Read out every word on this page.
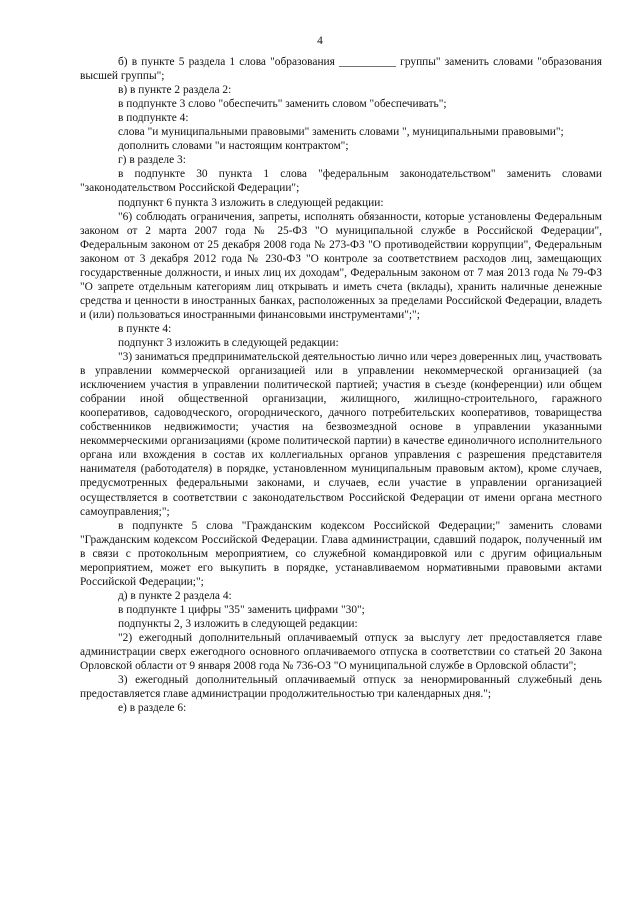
4

б) в пункте 5 раздела 1 слова "образования __________ группы" заменить словами "образования высшей группы";

в) в пункте 2 раздела 2:

в подпункте 3 слово "обеспечить" заменить словом "обеспечивать";

в подпункте 4:

слова "и муниципальными правовыми" заменить словами ", муниципальными правовыми";

дополнить словами "и настоящим контрактом";

г) в разделе 3:

в подпункте 30 пункта 1 слова "федеральным законодательством" заменить словами "законодательством Российской Федерации";

подпункт 6 пункта 3 изложить в следующей редакции:

"6) соблюдать ограничения, запреты, исполнять обязанности, которые установлены Федеральным законом от 2 марта 2007 года № 25-ФЗ "О муниципальной службе в Российской Федерации", Федеральным законом от 25 декабря 2008 года № 273-ФЗ "О противодействии коррупции", Федеральным законом от 3 декабря 2012 года № 230-ФЗ "О контроле за соответствием расходов лиц, замещающих государственные должности, и иных лиц их доходам", Федеральным законом от 7 мая 2013 года № 79-ФЗ "О запрете отдельным категориям лиц открывать и иметь счета (вклады), хранить наличные денежные средства и ценности в иностранных банках, расположенных за пределами Российской Федерации, владеть и (или) пользоваться иностранными финансовыми инструментами";";

в пункте 4:

подпункт 3 изложить в следующей редакции:

"3) заниматься предпринимательской деятельностью лично или через доверенных лиц, участвовать в управлении коммерческой организацией или в управлении некоммерческой организацией (за исключением участия в управлении политической партией; участия в съезде (конференции) или общем собрании иной общественной организации, жилищного, жилищно-строительного, гаражного кооперативов, садоводческого, огороднического, дачного потребительских кооперативов, товарищества собственников недвижимости; участия на безвозмездной основе в управлении указанными некоммерческими организациями (кроме политической партии) в качестве единоличного исполнительного органа или вхождения в состав их коллегиальных органов управления с разрешения представителя нанимателя (работодателя) в порядке, установленном муниципальным правовым актом), кроме случаев, предусмотренных федеральными законами, и случаев, если участие в управлении организацией осуществляется в соответствии с законодательством Российской Федерации от имени органа местного самоуправления;";

в подпункте 5 слова "Гражданским кодексом Российской Федерации;" заменить словами "Гражданским кодексом Российской Федерации. Глава администрации, сдавший подарок, полученный им в связи с протокольным мероприятием, со служебной командировкой или с другим официальным мероприятием, может его выкупить в порядке, устанавливаемом нормативными правовыми актами Российской Федерации;";

д) в пункте 2 раздела 4:

в подпункте 1 цифры "35" заменить цифрами "30";

подпункты 2, 3 изложить в следующей редакции:

"2) ежегодный дополнительный оплачиваемый отпуск за выслугу лет предоставляется главе администрации сверх ежегодного основного оплачиваемого отпуска в соответствии со статьей 20 Закона Орловской области от 9 января 2008 года № 736-ОЗ "О муниципальной службе в Орловской области";

3) ежегодный дополнительный оплачиваемый отпуск за ненормированный служебный день предоставляется главе администрации продолжительностью три календарных дня.";

е) в разделе 6:
